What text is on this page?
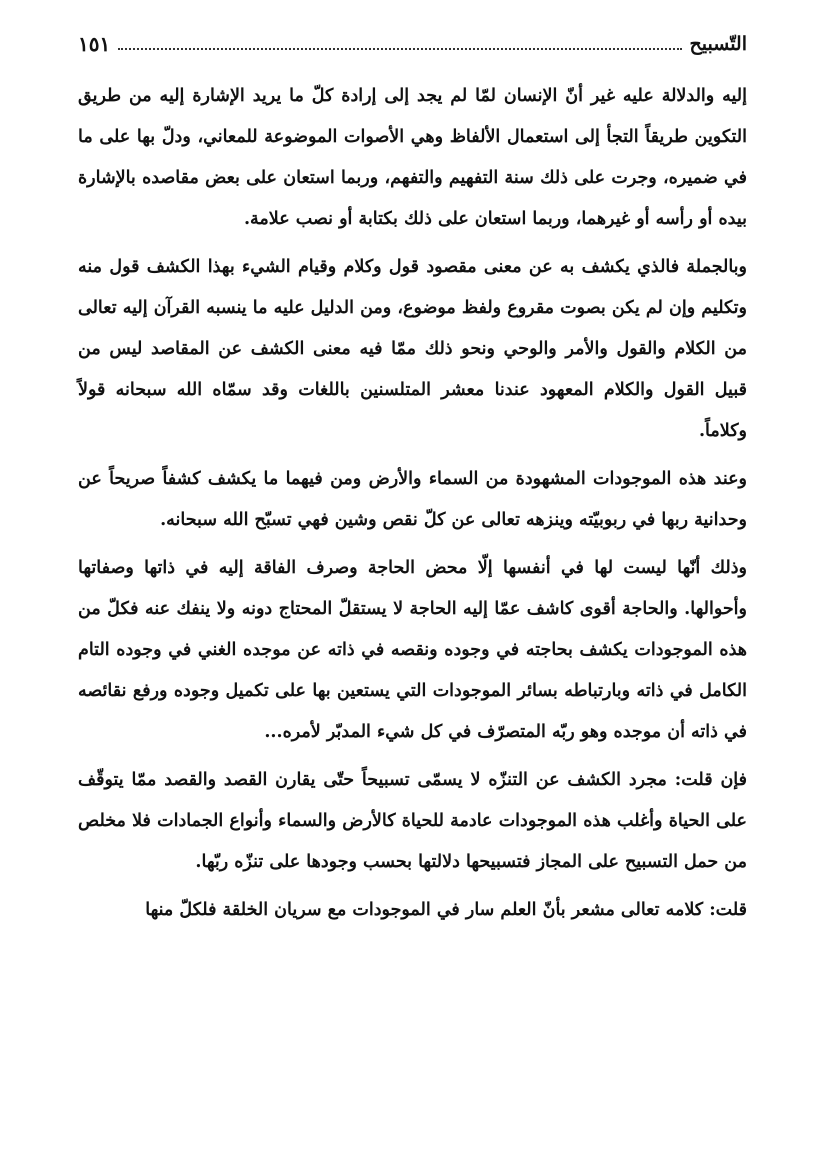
التّسبيح
١٥١

إليه والدلالة عليه غير أنّ الإنسان لمّا لم يجد إلى إرادة كلّ ما يريد الإشارة إليه من طريق التكوين طريقاً التجأ إلى استعمال الألفاظ وهي الأصوات الموضوعة للمعاني، ودلّ بها على ما في ضميره، وجرت على ذلك سنة التفهيم والتفهم، وربما استعان على بعض مقاصده بالإشارة بيده أو رأسه أو غيرهما، وربما استعان على ذلك بكتابة أو نصب علامة.

وبالجملة فالذي يكشف به عن معنى مقصود قول وكلام وقيام الشيء بهذا الكشف قول منه وتكليم وإن لم يكن بصوت مقروع ولفظ موضوع، ومن الدليل عليه ما ينسبه القرآن إليه تعالى من الكلام والقول والأمر والوحي ونحو ذلك ممّا فيه معنى الكشف عن المقاصد ليس من قبيل القول والكلام المعهود عندنا معشر المتلسنين باللغات وقد سمّاه الله سبحانه قولاً وكلاماً.

وعند هذه الموجودات المشهودة من السماء والأرض ومن فيهما ما يكشف كشفاً صريحاً عن وحدانية ربها في ربوبيّته وينزهه تعالى عن كلّ نقص وشين فهي تسبّح الله سبحانه.

وذلك أنّها ليست لها في أنفسها إلّا محض الحاجة وصرف الفاقة إليه في ذاتها وصفاتها وأحوالها. والحاجة أقوى كاشف عمّا إليه الحاجة لا يستقلّ المحتاج دونه ولا ينفك عنه فكلّ من هذه الموجودات يكشف بحاجته في وجوده ونقصه في ذاته عن موجده الغني في وجوده التام الكامل في ذاته وبارتباطه بسائر الموجودات التي يستعين بها على تكميل وجوده ورفع نقائصه في ذاته أن موجده وهو ربّه المتصرّف في كل شيء المدبّر لأمره...

فإن قلت: مجرد الكشف عن التنزّه لا يسمّى تسبيحاً حتّى يقارن القصد والقصد ممّا يتوقّف على الحياة وأغلب هذه الموجودات عادمة للحياة كالأرض والسماء وأنواع الجمادات فلا مخلص من حمل التسبيح على المجاز فتسبيحها دلالتها بحسب وجودها على تنزّه ربّها.

قلت: كلامه تعالى مشعر بأنّ العلم سار في الموجودات مع سريان الخلقة فلكلّ منها
